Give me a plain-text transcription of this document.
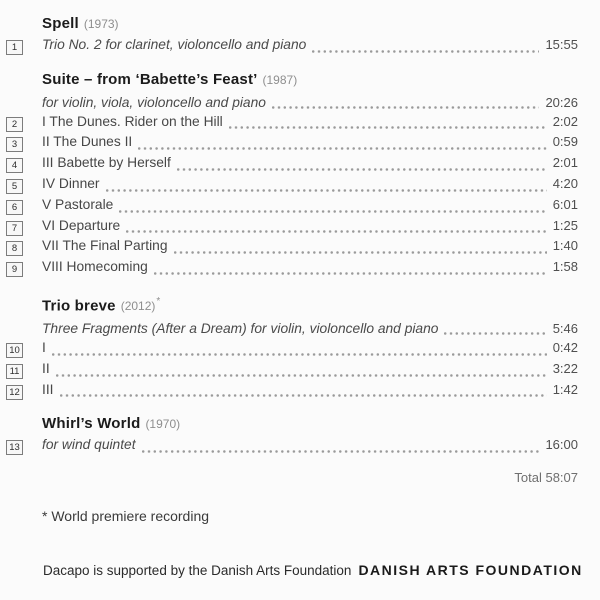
Spell (1973)
1	Trio No. 2 for clarinet, violoncello and piano	15:55
Suite – from ‘Babette’s Feast’ (1987)
for violin, viola, violoncello and piano	20:26
2	I The Dunes. Rider on the Hill	2:02
3	II The Dunes II	0:59
4	III Babette by Herself	2:01
5	IV Dinner	4:20
6	V Pastorale	6:01
7	VI Departure	1:25
8	VII The Final Parting	1:40
9	VIII Homecoming	1:58
Trio breve (2012)*
Three Fragments (After a Dream) for violin, violoncello and piano	5:46
10	I	0:42
11	II	3:22
12	III	1:42
Whirl’s World (1970)
13	for wind quintet	16:00
Total 58:07
* World premiere recording
Dacapo is supported by the Danish Arts Foundation DANISH ARTS FOUNDATION
